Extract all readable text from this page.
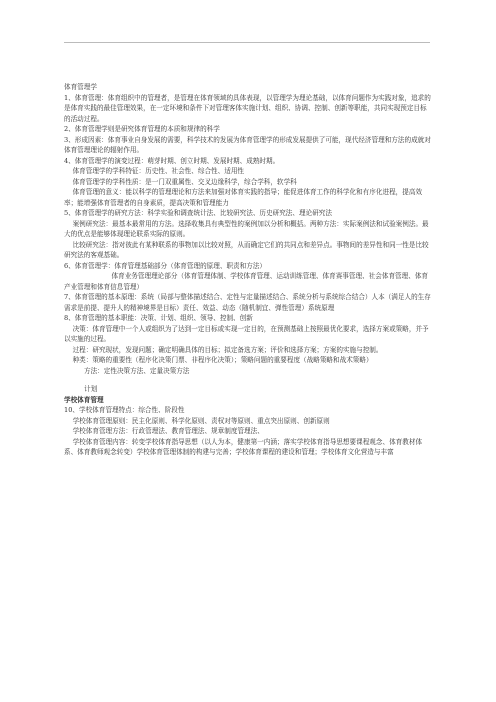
体育管理学

1、体育管理：体育组织中的管理者，是管理在体育领域的具体表现，以管理学为理论基础，以体育问题作为实践对象，追求的是体育实践的最佳管理效果，在一定环境和条件下对管理客体实施计划、组织、协调、控制、创新等职能，共同实现预定目标的活动过程。

2、体育管理学则是研究体育管理的本质和规律的科学

3、形成因素：体育事业自身发展的需要，科学技术的发展为体育管理学的形成发展提供了可能，现代经济管理和方法的成就对体育管理理论的辐射作用。

4、体育管理学的演变过程：萌芽时期、创立时期、发展时期、成熟时期。

体育管理学的学科特征：历史性、社会性、综合性、适用性

体育管理学的学科性质：是一门双重属性、交叉边缘科学，综合学科，软学科

体育管理的意义：能以科学的管理理论和方法来加强对体育实践的指导；能促进体育工作的科学化和有序化进程，提高效率；能增强体育管理者的自身素质，提高决策和管理能力

5、体育管理学的研究方法：科学实验和调查统计法、比较研究法、历史研究法、理论研究法

案例研究法：最基本最常用的方法。选择收集具有典型性的案例加以分析和概括。两种方法：实际案例法和试验案例法。最大的优点是能够体现理论联系实际的原则。

比较研究法：指对彼此有某种联系的事物加以比较对照，从而确定它们的共同点和差异点。事物间的差异性和同一性是比较研究法的客观基础。

6、体育管理学：体育管理基础部分（体育管理的原理、职责和方法）

体育业务管理理论部分（体育管理体制、学校体育管理、运动训练管理、体育赛事管理、社会体育管理、体育产业管理和体育信息管理）

7、体育管理的基本原理：系统（局部与整体描述结合、定性与定量描述结合、系统分析与系统综合结合）人本（满足人的生存需求是前提、提升人的精神境界是目标）责任、效益、动态（随机制宜、弹性管理）系统原理

8、体育管理的基本职能：决策、计划、组织、领导、控制、创新

决策：体育管理中一个人或组织为了达到一定目标或实现一定目的，在预测基础上按照最优化要求，选择方案或策略，并予以实施的过程。

过程：研究现状，发现问题；确定明确具体的目标；拟定备选方案；评价和选择方案；方案的实施与控制。

种类：策略的重要性（程序化决策门票、非程序化决策）；策略问题的重要程度（战略策略和战术策略）

方法：定性决策方法、定量决策方法

计划

学校体育管理

10、学校体育管理特点：综合性、阶段性

学校体育管理原则：民主化原则、科学化原则、责权对等原则、重点突出原则、创新原则

学校体育管理方法：行政管理法、教育管理法、规章制度管理法、

学校体育管理内容：转变学校体育指导思想（以人为本，健康第一内涵；落实学校体育指导思想要课程观念、体育教材体系、体育教师观念转变）学校体育管理体制的构建与完善；学校体育课程的建设和管理；学校体育文化营造与丰富
